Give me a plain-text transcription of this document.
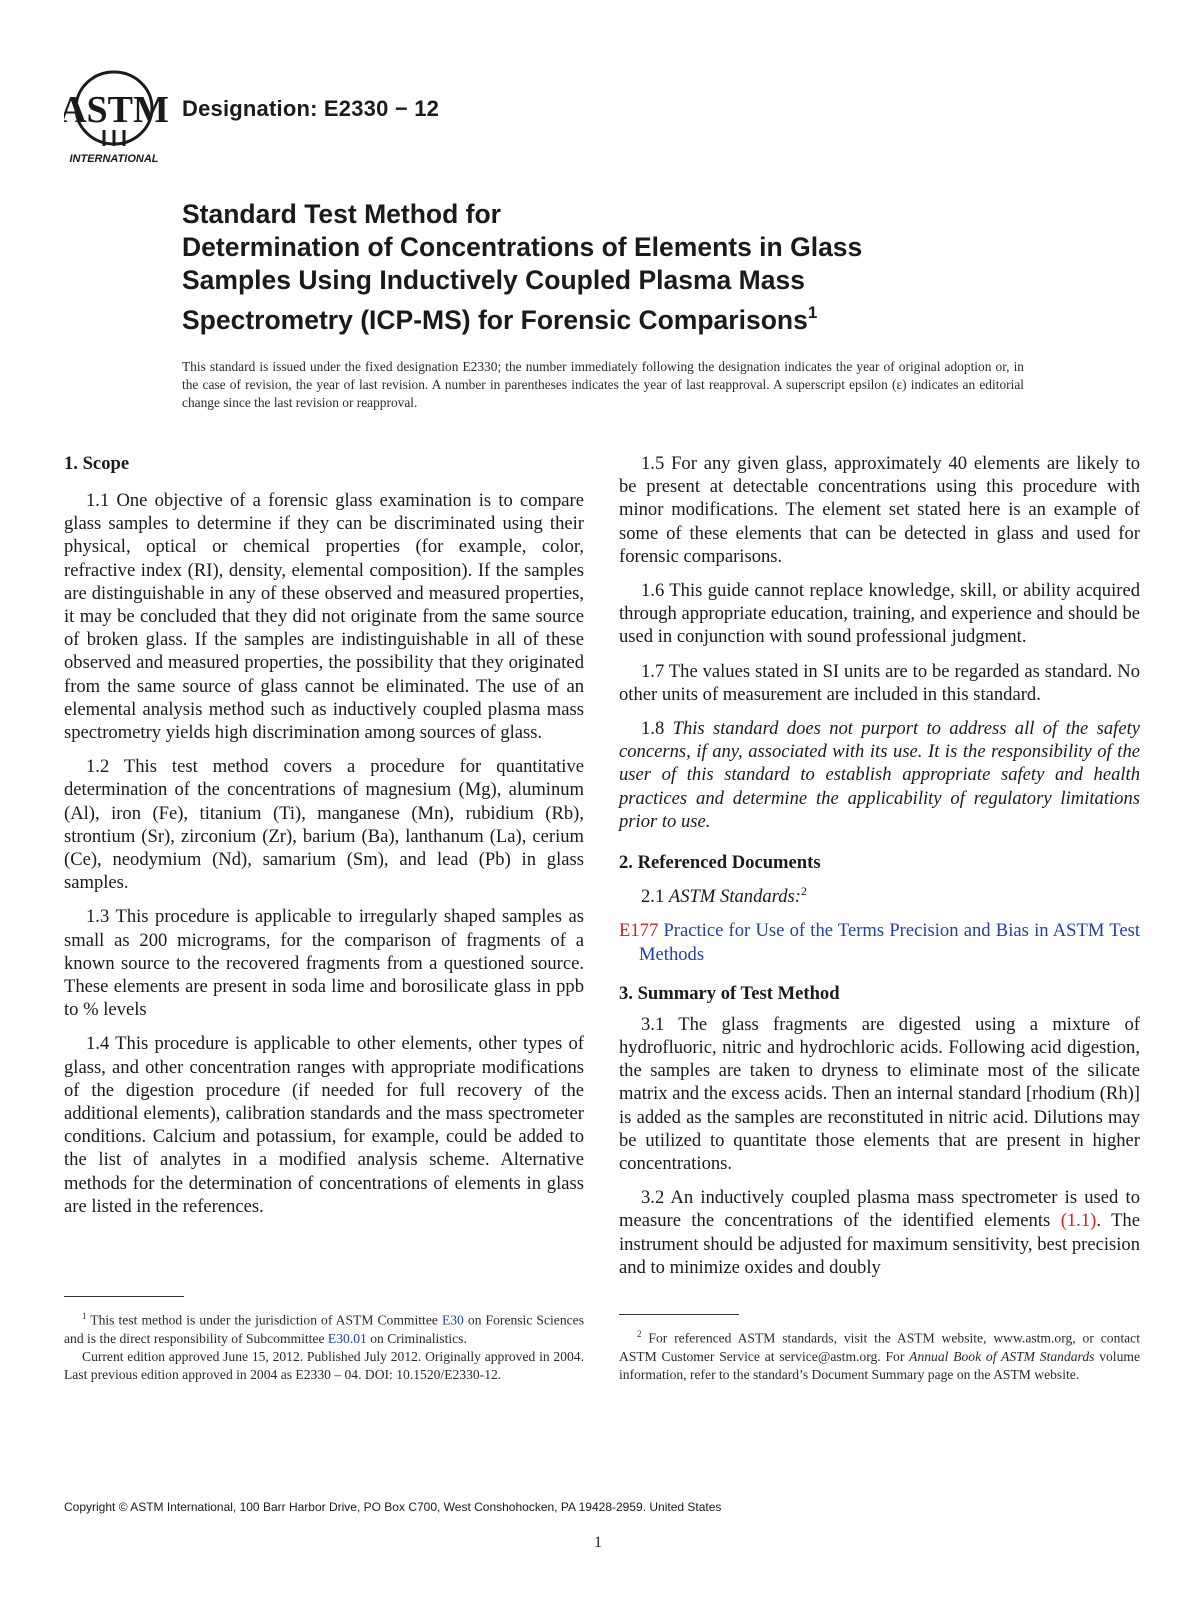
ASTM
INTERNATIONAL
Designation: E2330 − 12
Standard Test Method for
Determination of Concentrations of Elements in Glass
Samples Using Inductively Coupled Plasma Mass
Spectrometry (ICP-MS) for Forensic Comparisons$^1$
This standard is issued under the fixed designation E2330; the number immediately following the designation indicates the year of original adoption or, in the case of revision, the year of last revision. A number in parentheses indicates the year of last reapproval. A superscript epsilon (ε) indicates an editorial change since the last revision or reapproval.
1. Scope

1.1 One objective of a forensic glass examination is to compare glass samples to determine if they can be discriminated using their physical, optical or chemical properties (for example, color, refractive index (RI), density, elemental composition). If the samples are distinguishable in any of these observed and measured properties, it may be concluded that they did not originate from the same source of broken glass. If the samples are indistinguishable in all of these observed and measured properties, the possibility that they originated from the same source of glass cannot be eliminated. The use of an elemental analysis method such as inductively coupled plasma mass spectrometry yields high discrimination among sources of glass.

1.2 This test method covers a procedure for quantitative determination of the concentrations of magnesium (Mg), aluminum (Al), iron (Fe), titanium (Ti), manganese (Mn), rubidium (Rb), strontium (Sr), zirconium (Zr), barium (Ba), lanthanum (La), cerium (Ce), neodymium (Nd), samarium (Sm), and lead (Pb) in glass samples.

1.3 This procedure is applicable to irregularly shaped samples as small as 200 micrograms, for the comparison of fragments of a known source to the recovered fragments from a questioned source. These elements are present in soda lime and borosilicate glass in ppb to % levels

1.4 This procedure is applicable to other elements, other types of glass, and other concentration ranges with appropriate modifications of the digestion procedure (if needed for full recovery of the additional elements), calibration standards and the mass spectrometer conditions. Calcium and potassium, for example, could be added to the list of analytes in a modified analysis scheme. Alternative methods for the determination of concentrations of elements in glass are listed in the references.

1.5 For any given glass, approximately 40 elements are likely to be present at detectable concentrations using this procedure with minor modifications. The element set stated here is an example of some of these elements that can be detected in glass and used for forensic comparisons.

1.6 This guide cannot replace knowledge, skill, or ability acquired through appropriate education, training, and experience and should be used in conjunction with sound professional judgment.

1.7 The values stated in SI units are to be regarded as standard. No other units of measurement are included in this standard.

1.8 This standard does not purport to address all of the safety concerns, if any, associated with its use. It is the responsibility of the user of this standard to establish appropriate safety and health practices and determine the applicability of regulatory limitations prior to use.

2. Referenced Documents

2.1 ASTM Standards:$^2$

E177 Practice for Use of the Terms Precision and Bias in ASTM Test Methods
3. Summary of Test Method

3.1 The glass fragments are digested using a mixture of hydrofluoric, nitric and hydrochloric acids. Following acid digestion, the samples are taken to dryness to eliminate most of the silicate matrix and the excess acids. Then an internal standard [rhodium (Rh)] is added as the samples are reconstituted in nitric acid. Dilutions may be utilized to quantitate those elements that are present in higher concentrations.

3.2 An inductively coupled plasma mass spectrometer is used to measure the concentrations of the identified elements (1.1). The instrument should be adjusted for maximum sensitivity, best precision and to minimize oxides and doubly

$^1$ This test method is under the jurisdiction of ASTM Committee E30 on Forensic Sciences and is the direct responsibility of Subcommittee E30.01 on Criminalistics.
Current edition approved June 15, 2012. Published July 2012. Originally approved in 2004. Last previous edition approved in 2004 as E2330 – 04. DOI: 10.1520/E2330-12.
$^2$ For referenced ASTM standards, visit the ASTM website, www.astm.org, or contact ASTM Customer Service at service@astm.org. For Annual Book of ASTM Standards volume information, refer to the standard’s Document Summary page on the ASTM website.
Copyright © ASTM International, 100 Barr Harbor Drive, PO Box C700, West Conshohocken, PA 19428-2959. United States
1
